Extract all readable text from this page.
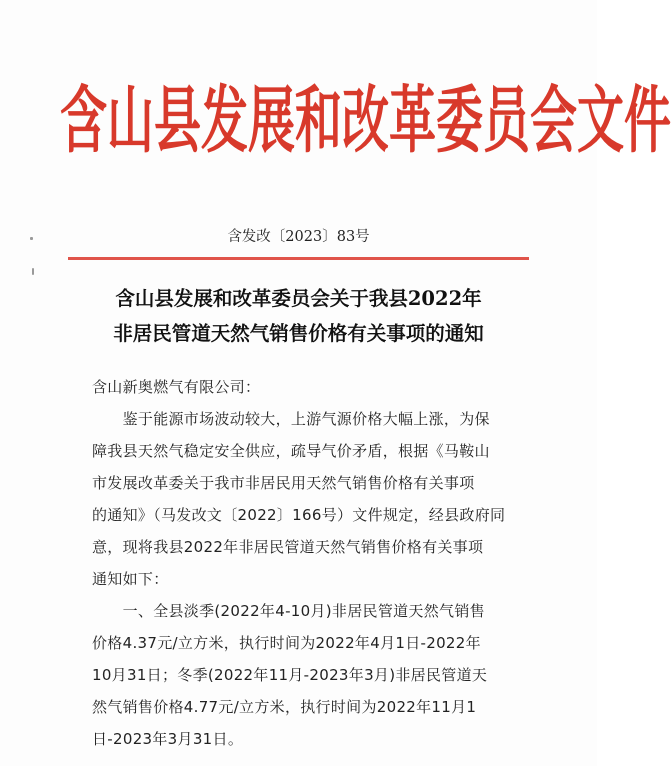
含山县发展和改革委员会文件
含发改〔2023〕83号
含山县发展和改革委员会关于我县2022年
非居民管道天然气销售价格有关事项的通知
含山新奥燃气有限公司：
　　鉴于能源市场波动较大，上游气源价格大幅上涨，为保
障我县天然气稳定安全供应，疏导气价矛盾，根据《马鞍山
市发展改革委关于我市非居民用天然气销售价格有关事项
的通知》（马发改文〔2022〕166号）文件规定，经县政府同
意，现将我县2022年非居民管道天然气销售价格有关事项
通知如下：
　　一、全县淡季(2022年4-10月)非居民管道天然气销售
价格4.37元/立方米，执行时间为2022年4月1日-2022年
10月31日；冬季(2022年11月-2023年3月)非居民管道天
然气销售价格4.77元/立方米，执行时间为2022年11月1
日-2023年3月31日。
